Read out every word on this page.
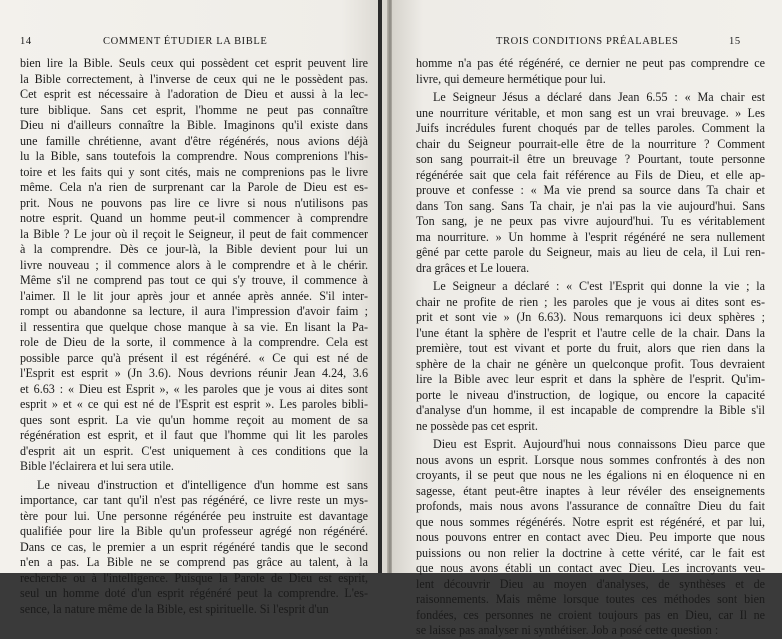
14	COMMENT ÉTUDIER LA BIBLE

bien lire la Bible. Seuls ceux qui possèdent cet esprit peuvent lire

la Bible correctement, à l'inverse de ceux qui ne le possèdent pas.

Cet esprit est nécessaire à l'adoration de Dieu et aussi à la lec-

ture biblique. Sans cet esprit, l'homme ne peut pas connaître

Dieu ni d'ailleurs connaître la Bible. Imaginons qu'il existe dans

une famille chrétienne, avant d'être régénérés, nous avions déjà

lu la Bible, sans toutefois la comprendre. Nous comprenions l'his-

toire et les faits qui y sont cités, mais ne comprenions pas le livre

même. Cela n'a rien de surprenant car la Parole de Dieu est es-

prit. Nous ne pouvons pas lire ce livre si nous n'utilisons pas

notre esprit. Quand un homme peut-il commencer à comprendre

la Bible ? Le jour où il reçoit le Seigneur, il peut de fait commencer

à la comprendre. Dès ce jour-là, la Bible devient pour lui un

livre nouveau ; il commence alors à le comprendre et à le chérir.

Même s'il ne comprend pas tout ce qui s'y trouve, il commence à

l'aimer. Il le lit jour après jour et année après année. S'il inter-

rompt ou abandonne sa lecture, il aura l'impression d'avoir faim ;

il ressentira que quelque chose manque à sa vie. En lisant la Pa-

role de Dieu de la sorte, il commence à la comprendre. Cela est

possible parce qu'à présent il est régénéré. « Ce qui est né de

l'Esprit est esprit » (Jn 3.6). Nous devrions réunir Jean 4.24, 3.6

et 6.63 : « Dieu est Esprit », « les paroles que je vous ai dites sont

esprit » et « ce qui est né de l'Esprit est esprit ». Les paroles bibli-

ques sont esprit. La vie qu'un homme reçoit au moment de sa

régénération est esprit, et il faut que l'homme qui lit les paroles

d'esprit ait un esprit. C'est uniquement à ces conditions que la

Bible l'éclairera et lui sera utile.

Le niveau d'instruction et d'intelligence d'un homme est sans

importance, car tant qu'il n'est pas régénéré, ce livre reste un mys-

tère pour lui. Une personne régénérée peu instruite est davantage

qualifiée pour lire la Bible qu'un professeur agrégé non régénéré.

Dans ce cas, le premier a un esprit régénéré tandis que le second

n'en a pas. La Bible ne se comprend pas grâce au talent, à la

recherche ou à l'intelligence. Puisque la Parole de Dieu est esprit,

seul un homme doté d'un esprit régénéré peut la comprendre. L'es-

sence, la nature même de la Bible, est spirituelle. Si l'esprit d'un

TROIS CONDITIONS PRÉALABLES	15

homme n'a pas été régénéré, ce dernier ne peut pas comprendre ce

livre, qui demeure hermétique pour lui.

Le Seigneur Jésus a déclaré dans Jean 6.55 : « Ma chair est

une nourriture véritable, et mon sang est un vrai breuvage. » Les

Juifs incrédules furent choqués par de telles paroles. Comment la

chair du Seigneur pourrait-elle être de la nourriture ? Comment

son sang pourrait-il être un breuvage ? Pourtant, toute personne

régénérée sait que cela fait référence au Fils de Dieu, et elle ap-

prouve et confesse : « Ma vie prend sa source dans Ta chair et

dans Ton sang. Sans Ta chair, je n'ai pas la vie aujourd'hui. Sans

Ton sang, je ne peux pas vivre aujourd'hui. Tu es véritablement

ma nourriture. » Un homme à l'esprit régénéré ne sera nullement

gêné par cette parole du Seigneur, mais au lieu de cela, il Lui ren-

dra grâces et Le louera.

Le Seigneur a déclaré : « C'est l'Esprit qui donne la vie ; la

chair ne profite de rien ; les paroles que je vous ai dites sont es-

prit et sont vie » (Jn 6.63). Nous remarquons ici deux sphères ;

l'une étant la sphère de l'esprit et l'autre celle de la chair. Dans la

première, tout est vivant et porte du fruit, alors que rien dans la

sphère de la chair ne génère un quelconque profit. Tous devraient

lire la Bible avec leur esprit et dans la sphère de l'esprit. Qu'im-

porte le niveau d'instruction, de logique, ou encore la capacité

d'analyse d'un homme, il est incapable de comprendre la Bible s'il

ne possède pas cet esprit.

Dieu est Esprit. Aujourd'hui nous connaissons Dieu parce que

nous avons un esprit. Lorsque nous sommes confrontés à des non

croyants, il se peut que nous ne les égalions ni en éloquence ni en

sagesse, étant peut-être inaptes à leur révéler des enseignements

profonds, mais nous avons l'assurance de connaître Dieu du fait

que nous sommes régénérés. Notre esprit est régénéré, et par lui,

nous pouvons entrer en contact avec Dieu. Peu importe que nous

puissions ou non relier la doctrine à cette vérité, car le fait est

que nous avons établi un contact avec Dieu. Les incroyants veu-

lent découvrir Dieu au moyen d'analyses, de synthèses et de

raisonnements. Mais même lorsque toutes ces méthodes sont bien

fondées, ces personnes ne croient toujours pas en Dieu, car Il ne

se laisse pas analyser ni synthétiser. Job a posé cette question :
